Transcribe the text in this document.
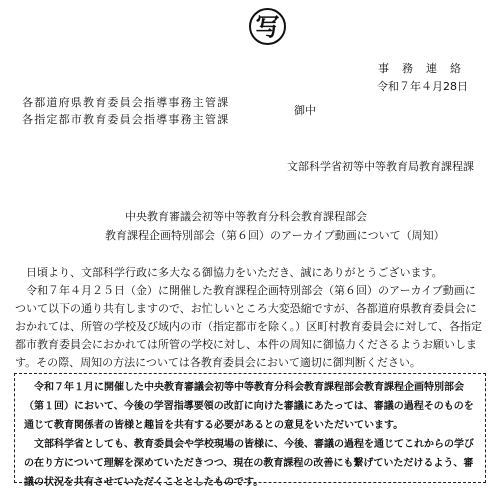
写
事　務　連　絡
令和７年４月28日
各都道府県教育委員会指導事務主管課
各指定都市教育委員会指導事務主管課
御中
文部科学省初等中等教育局教育課程課
中央教育審議会初等中等教育分科会教育課程部会
教育課程企画特別部会（第６回）のアーカイブ動画について（周知）
日頃より、文部科学行政に多大なる御協力をいただき、誠にありがとうございます。
令和７年４月２５日（金）に開催した教育課程企画特別部会（第６回）のアーカイブ動画について以下の通り共有しますので、お忙しいところ大変恐縮ですが、各都道府県教育委員会におかれては、所管の学校及び域内の市（指定都市を除く。）区町村教育委員会に対して、各指定都市教育委員会におかれては所管の学校に対し、本件の周知に御協力くださるようお願いします。その際、周知の方法については各教育委員会において適切に御判断ください。
令和７年１月に開催した中央教育審議会初等中等教育分科会教育課程部会教育課程企画特別部会（第１回）において、今後の学習指導要領の改訂に向けた審議にあたっては、審議の過程そのものを通じて教育関係者の皆様と趣旨を共有する必要があるとの意見をいただいています。
文部科学省としても、教育委員会や学校現場の皆様に、今後、審議の過程を通じてこれからの学びの在り方について理解を深めていただきつつ、現在の教育課程の改善にも繋げていただけるよう、審議の状況を共有させていただくこととしたものです。
